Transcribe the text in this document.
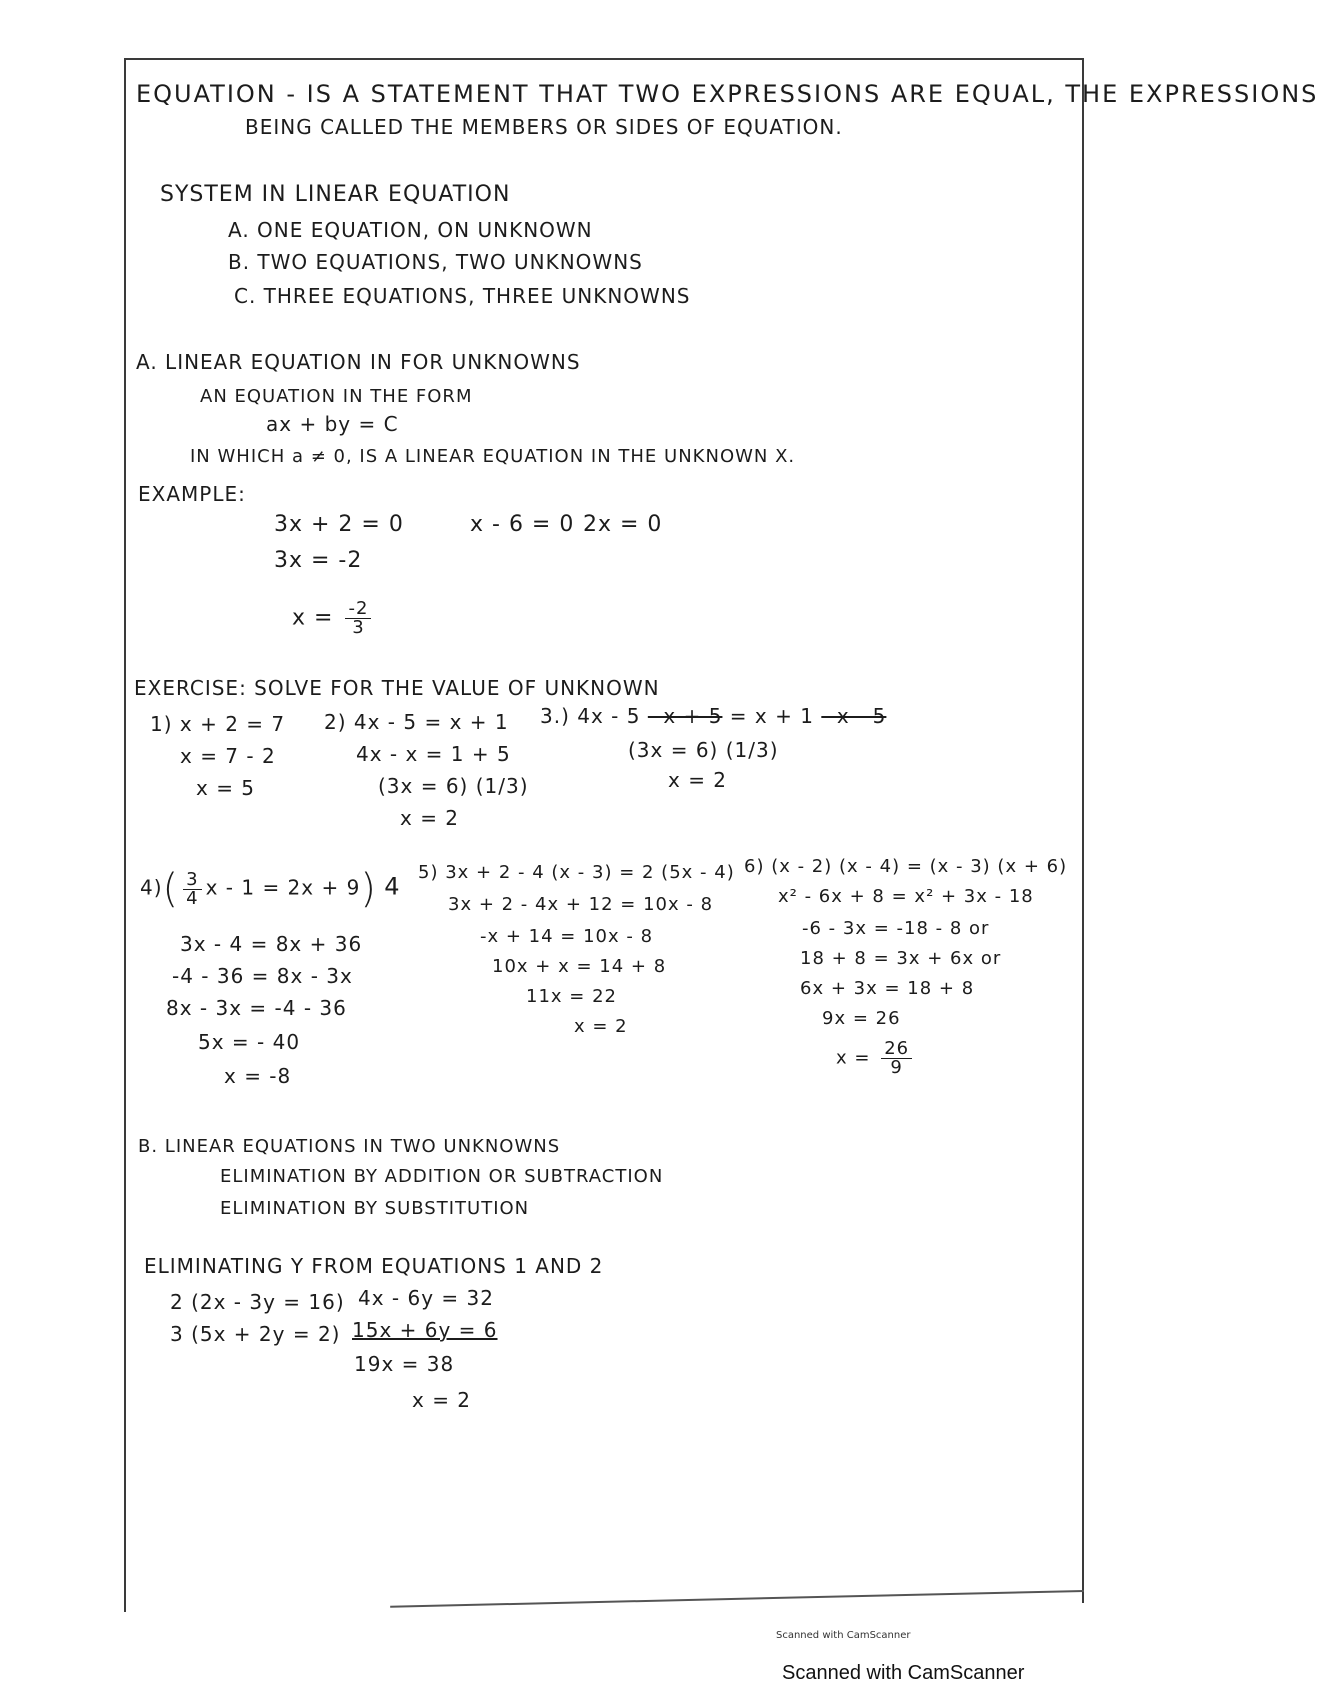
EQUATION - IS A STATEMENT THAT TWO EXPRESSIONS ARE EQUAL, THE EXPRESSIONS
BEING CALLED THE MEMBERS OR SIDES OF EQUATION.
SYSTEM IN LINEAR EQUATION
A. ONE EQUATION, ON UNKNOWN
B. TWO EQUATIONS, TWO UNKNOWNS
C. THREE EQUATIONS, THREE UNKNOWNS
A. LINEAR EQUATION IN FOR UNKNOWNS
AN EQUATION IN THE FORM
ax + by = C
IN WHICH a ≠ 0, IS A LINEAR EQUATION IN THE UNKNOWN X.
EXAMPLE:
3x + 2 = 0	x - 6 = 0 2x = 0
3x = -2
$x = \frac{-2}{3}$
EXERCISE: SOLVE FOR THE VALUE OF UNKNOWN
1) x + 2 = 7
x = 7 - 2
x = 5
2) 4x - 5 = x + 1
4x - x = 1 + 5
(3x = 6) (1/3)
x = 2
3.) 4x - 5 - x + 5 = x + 1 - x - 5
(3x = 6) (1/3)
x = 2
$4)( \frac{3}{4}$ x - 1 = 2x + 9) 4
3x - 4 = 8x + 36
-4 - 36 = 8x - 3x
8x - 3x = -4 - 36
5x = - 40
x = -8
5) 3x + 2 - 4 (x - 3) = 2 (5x - 4)
3x + 2 - 4x + 12 = 10x - 8
-x + 14 = 10x - 8
10x + x = 14 + 8
11x = 22
x = 2
6) (x - 2) (x - 4) = (x - 3) (x + 6)
x² - 6x + 8 = x² + 3x - 18
-6 - 3x = -18 - 8 or
18 + 8 = 3x + 6x or
6x + 3x = 18 + 8
9x = 26
$x = \frac{26}{9}$
B. LINEAR EQUATIONS IN TWO UNKNOWNS
ELIMINATION BY ADDITION OR SUBTRACTION
ELIMINATION BY SUBSTITUTION
ELIMINATING Y FROM EQUATIONS 1 AND 2
2 (2x - 3y = 16)
3 (5x + 2y = 2)
4x - 6y = 32
15x + 6y = 6
19x = 38
x = 2
Scanned with CamScanner
Scanned with CamScanner
